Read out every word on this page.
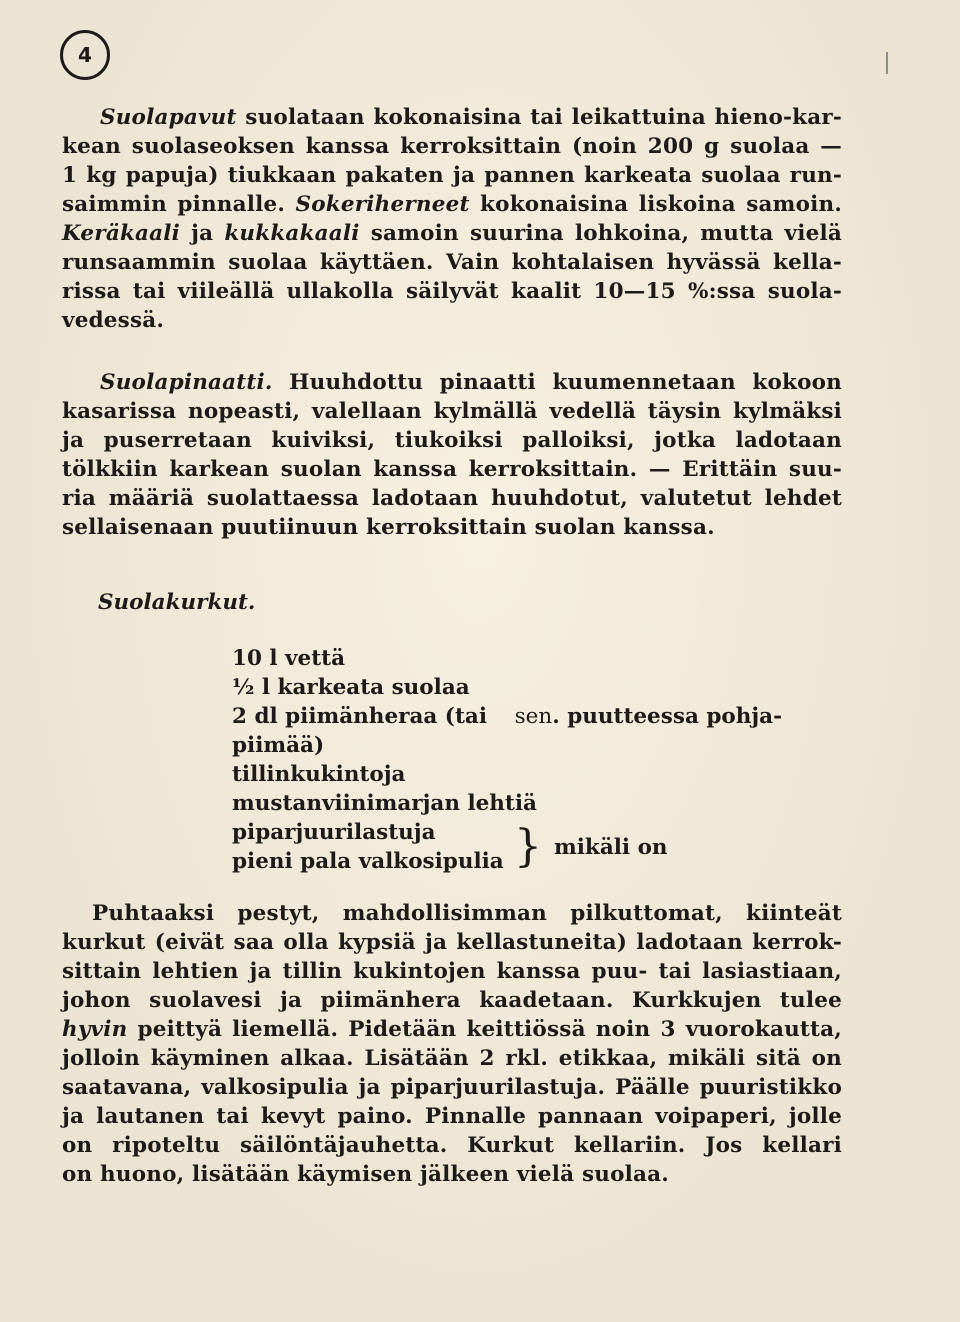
4
Suolapavut suolataan kokonaisina tai leikattuina hieno-kar-
kean suolaseoksen kanssa kerroksittain (noin 200 g suolaa —
1 kg papuja) tiukkaan pakaten ja pannen karkeata suolaa run-
saimmin pinnalle. Sokeriherneet kokonaisina liskoina samoin.
Keräkaali ja kukkakaali samoin suurina lohkoina, mutta vielä
runsaammin suolaa käyttäen. Vain kohtalaisen hyvässä kella-
rissa tai viileällä ullakolla säilyvät kaalit 10—15 %:ssa suola-
vedessä.
Suolapinaatti. Huuhdottu pinaatti kuumennetaan kokoon
kasarissa nopeasti, valellaan kylmällä vedellä täysin kylmäksi
ja puserretaan kuiviksi, tiukoiksi palloiksi, jotka ladotaan
tölkkiin karkean suolan kanssa kerroksittain. — Erittäin suu-
ria määriä suolattaessa ladotaan huuhdotut, valutetut lehdet
sellaisenaan puutiinuun kerroksittain suolan kanssa.
Suolakurkut.
10 l vettä
½ l karkeata suolaa
2 dl piimänheraa (tai sen. puutteessa pohja-
piimää)
tillinkukintoja
mustanviinimarjan lehtiä
piparjuurilastuja
pieni pala valkosipulia } mikäli on
Puhtaaksi pestyt, mahdollisimman pilkuttomat, kiinteät
kurkut (eivät saa olla kypsiä ja kellastuneita) ladotaan kerrok-
sittain lehtien ja tillin kukintojen kanssa puu- tai lasiastiaan,
johon suolavesi ja piimänhera kaadetaan. Kurkkujen tulee
hyvin peittyä liemellä. Pidetään keittiössä noin 3 vuorokautta,
jolloin käyminen alkaa. Lisätään 2 rkl. etikkaa, mikäli sitä on
saatavana, valkosipulia ja piparjuurilastuja. Päälle puuristikko
ja lautanen tai kevyt paino. Pinnalle pannaan voipaperi, jolle
on ripoteltu säilöntäjauhetta. Kurkut kellariin. Jos kellari
on huono, lisätään käymisen jälkeen vielä suolaa.
